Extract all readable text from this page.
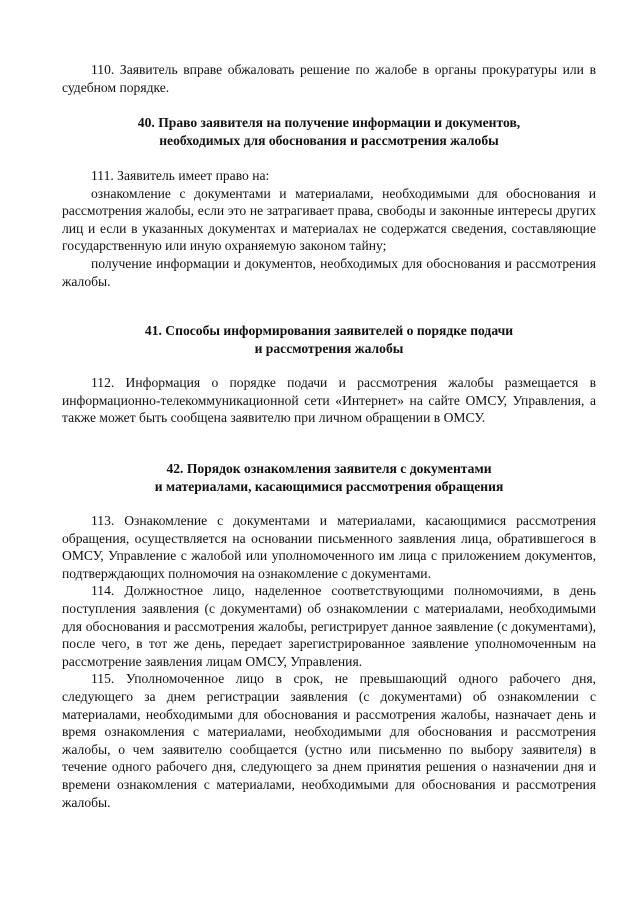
110. Заявитель вправе обжаловать решение по жалобе в органы прокуратуры или в судебном порядке.

40. Право заявителя на получение информации и документов,
необходимых для обоснования и рассмотрения жалобы

111. Заявитель имеет право на:

ознакомление с документами и материалами, необходимыми для обоснования и рассмотрения жалобы, если это не затрагивает права, свободы и законные интересы других лиц и если в указанных документах и материалах не содержатся сведения, составляющие государственную или иную охраняемую законом тайну;

получение информации и документов, необходимых для обоснования и рассмотрения жалобы.

41. Способы информирования заявителей о порядке подачи
и рассмотрения жалобы

112. Информация о порядке подачи и рассмотрения жалобы размещается в информационно-телекоммуникационной сети «Интернет» на сайте ОМСУ, Управления, а также может быть сообщена заявителю при личном обращении в ОМСУ.

42. Порядок ознакомления заявителя с документами
и материалами, касающимися рассмотрения обращения

113. Ознакомление с документами и материалами, касающимися рассмотрения обращения, осуществляется на основании письменного заявления лица, обратившегося в ОМСУ, Управление с жалобой или уполномоченного им лица с приложением документов, подтверждающих полномочия на ознакомление с документами.

114. Должностное лицо, наделенное соответствующими полномочиями, в день поступления заявления (с документами) об ознакомлении с материалами, необходимыми для обоснования и рассмотрения жалобы, регистрирует данное заявление (с документами), после чего, в тот же день, передает зарегистрированное заявление уполномоченным на рассмотрение заявления лицам ОМСУ, Управления.

115. Уполномоченное лицо в срок, не превышающий одного рабочего дня, следующего за днем регистрации заявления (с документами) об ознакомлении с материалами, необходимыми для обоснования и рассмотрения жалобы, назначает день и время ознакомления с материалами, необходимыми для обоснования и рассмотрения жалобы, о чем заявителю сообщается (устно или письменно по выбору заявителя) в течение одного рабочего дня, следующего за днем принятия решения о назначении дня и времени ознакомления с материалами, необходимыми для обоснования и рассмотрения жалобы.
